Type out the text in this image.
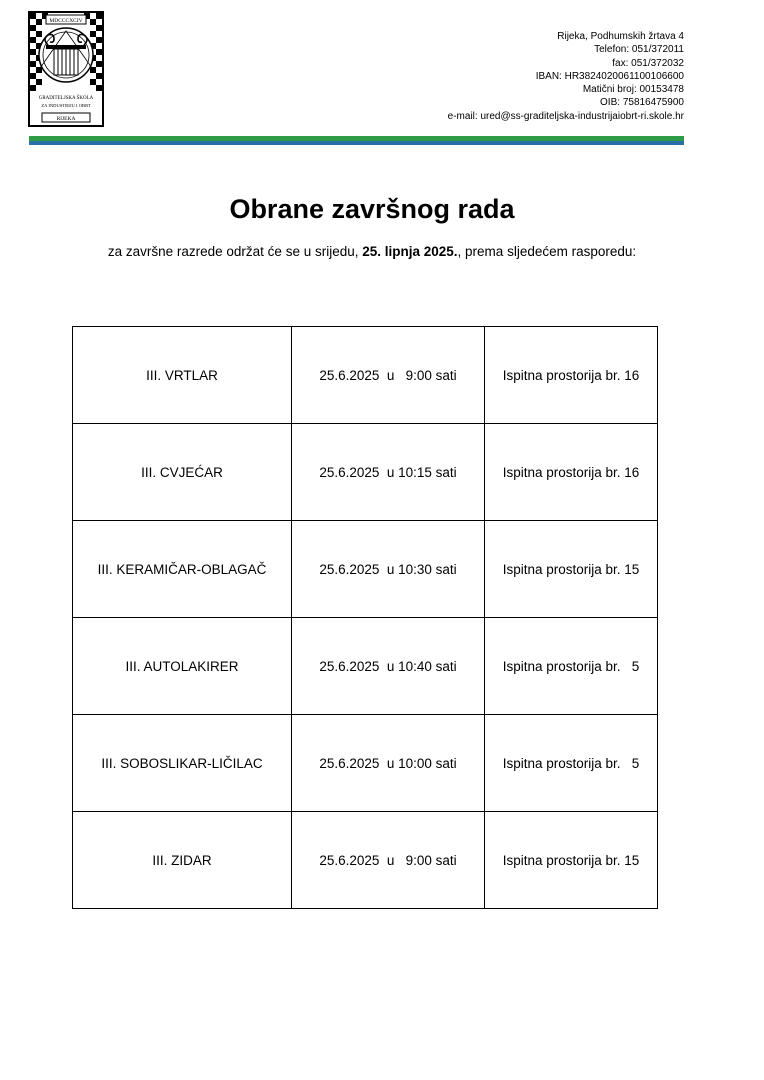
MDCCCXCIV
GRADITELJSKA ŠKOLA
ZA INDUSTRIJU I OBRT
RIJEKA
Rijeka, Podhumskih žrtava 4
Telefon: 051/372011
fax: 051/372032
IBAN: HR3824020061100106600
Matični broj: 00153478
OIB: 75816475900
e-mail: ured@ss-graditeljska-industrijaiobrt-ri.skole.hr
Obrane završnog rada
za završne razrede održat će se u srijedu, 25. lipnja 2025., prema sljedećem rasporedu:
III. VRTLAR	25.6.2025  u   9:00 sati	Ispitna prostorija br. 16
III. CVJEĆAR	25.6.2025  u 10:15 sati	Ispitna prostorija br. 16
III. KERAMIČAR-OBLAGAČ	25.6.2025  u 10:30 sati	Ispitna prostorija br. 15
III. AUTOLAKIRER	25.6.2025  u 10:40 sati	Ispitna prostorija br.   5
III. SOBOSLIKAR-LIČILAC	25.6.2025  u 10:00 sati	Ispitna prostorija br.   5
III. ZIDAR	25.6.2025  u   9:00 sati	Ispitna prostorija br. 15
